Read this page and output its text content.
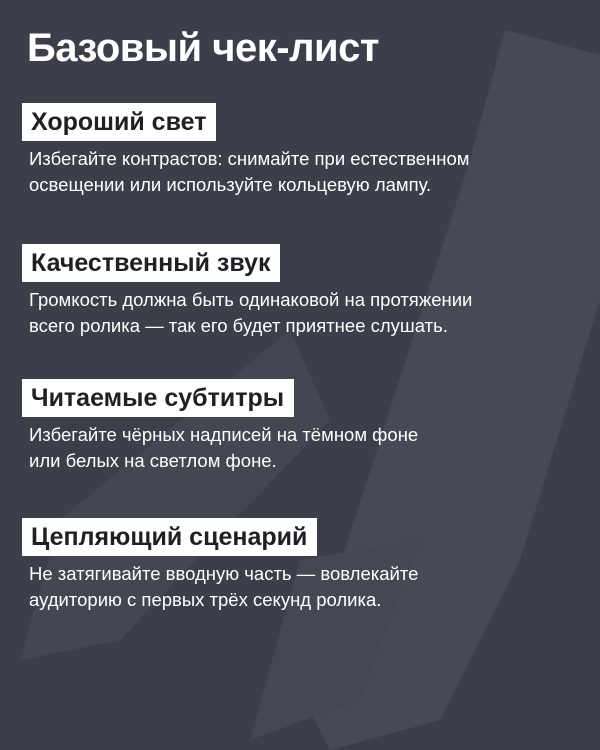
Базовый чек-лист
Хороший свет
Избегайте контрастов: снимайте при естественном
освещении или используйте кольцевую лампу.
Качественный звук
Громкость должна быть одинаковой на протяжении
всего ролика — так его будет приятнее слушать.
Читаемые субтитры
Избегайте чёрных надписей на тёмном фоне
или белых на светлом фоне.
Цепляющий сценарий
Не затягивайте вводную часть — вовлекайте
аудиторию с первых трёх секунд ролика.
